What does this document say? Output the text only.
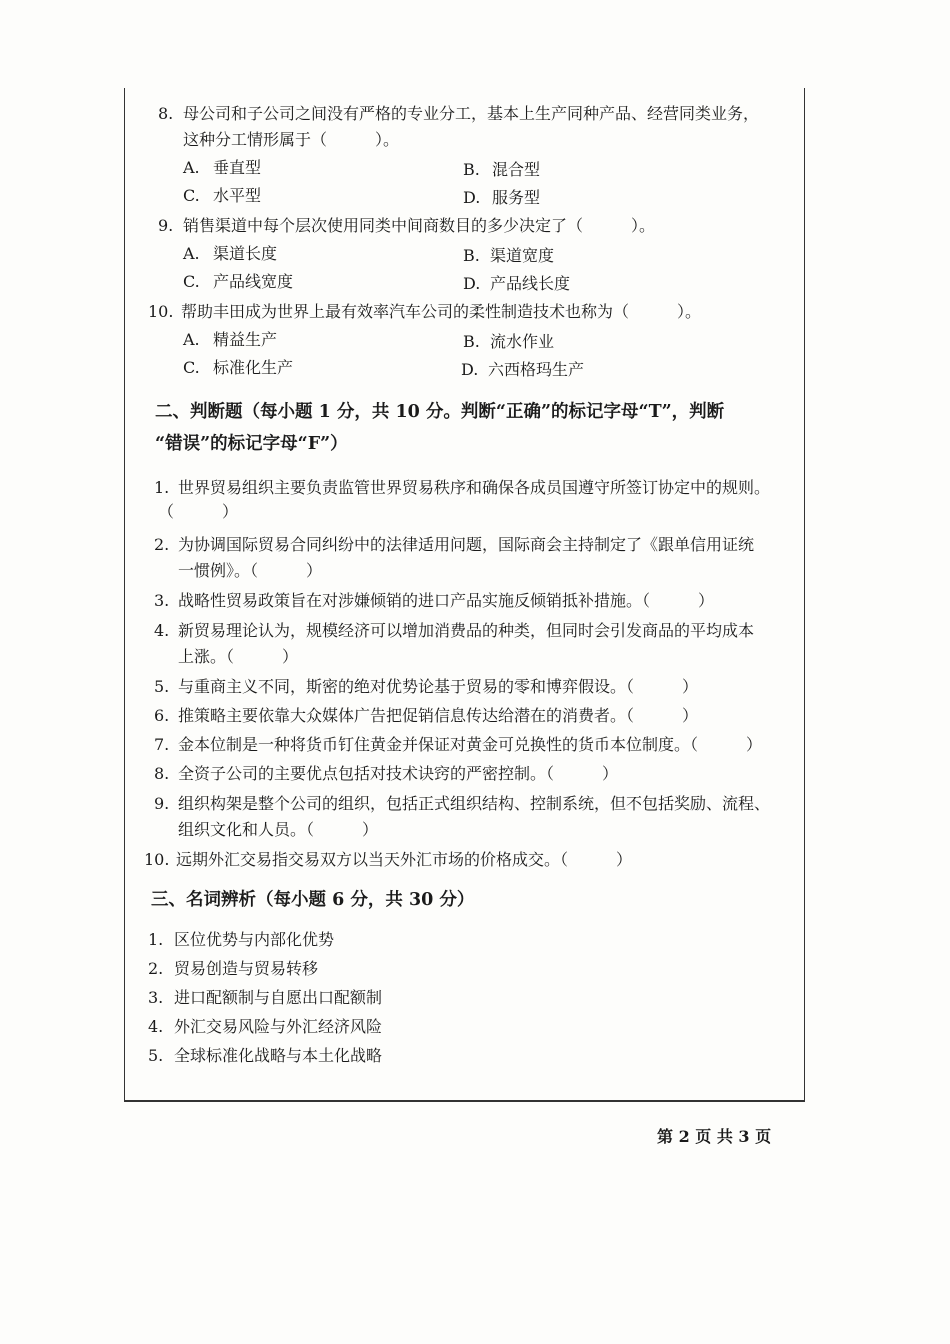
8. 母公司和子公司之间没有严格的专业分工，基本上生产同种产品、经营同类业务，
这种分工情形属于（　　　）。
A. 垂直型	B. 混合型
C. 水平型	D. 服务型
9. 销售渠道中每个层次使用同类中间商数目的多少决定了（　　　）。
A. 渠道长度	B. 渠道宽度
C. 产品线宽度	D. 产品线长度
10. 帮助丰田成为世界上最有效率汽车公司的柔性制造技术也称为（　　　）。
A. 精益生产	B. 流水作业
C. 标准化生产	D. 六西格玛生产
二、判断题（每小题 1 分，共 10 分。判断“正确”的标记字母“T”，判断
“错误”的标记字母“F”）
1. 世界贸易组织主要负责监管世界贸易秩序和确保各成员国遵守所签订协定中的规则。
（　　　）
2. 为协调国际贸易合同纠纷中的法律适用问题，国际商会主持制定了《跟单信用证统
一惯例》。（　　　）
3. 战略性贸易政策旨在对涉嫌倾销的进口产品实施反倾销抵补措施。（　　　）
4. 新贸易理论认为，规模经济可以增加消费品的种类，但同时会引发商品的平均成本
上涨。（　　　）
5. 与重商主义不同，斯密的绝对优势论基于贸易的零和博弈假设。（　　　）
6. 推策略主要依靠大众媒体广告把促销信息传达给潜在的消费者。（　　　）
7. 金本位制是一种将货币钉住黄金并保证对黄金可兑换性的货币本位制度。（　　　）
8. 全资子公司的主要优点包括对技术诀窍的严密控制。（　　　）
9. 组织构架是整个公司的组织，包括正式组织结构、控制系统，但不包括奖励、流程、
组织文化和人员。（　　　）
10. 远期外汇交易指交易双方以当天外汇市场的价格成交。（　　　）
三、名词辨析（每小题 6 分，共 30 分）
1. 区位优势与内部化优势
2. 贸易创造与贸易转移
3. 进口配额制与自愿出口配额制
4. 外汇交易风险与外汇经济风险
5. 全球标准化战略与本土化战略
第 2 页 共 3 页
